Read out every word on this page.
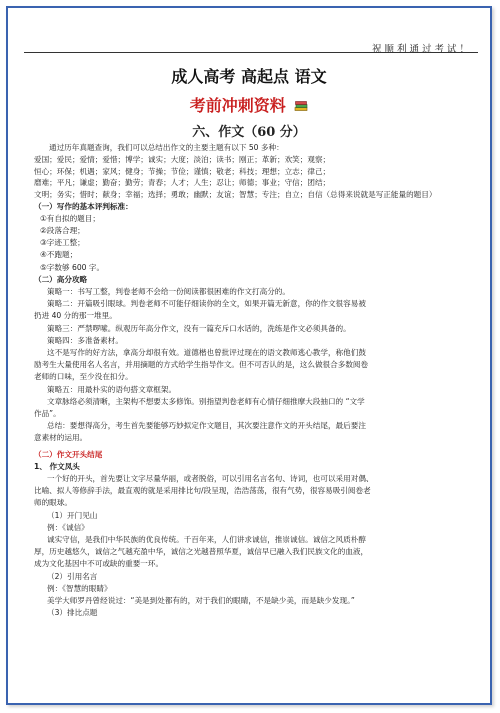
祝顺利通过考试！
成人高考 高起点 语文
考前冲刺资料
六、作文（60 分）

通过历年真题查询，我们可以总结出作文的主要主题有以下 50 多种：

爱国；爱民；爱情；爱惜；博学；诚实；大度；淡泊；读书；刚正；革新；欢笑；观察；

恒心；环保；机遇；家风；健身；节操；节俭；谨慎；敬老；科技；理想；立志；律己；

磨难；平凡；谦虚；勤奋；勤劳；青春；人才；人生；忍让；师德；事业；守信；团结；

文明；务实；惜时；献身；幸福；选择；勇敢；幽默；友谊；智慧；专注；自立；自信（总得来说就是写正能量的题目）

（一）写作的基本评判标准：

①有自拟的题目；

②段落合理；

③字迹工整；

④不跑题；

⑤字数够 600 字。

（二）高分攻略

策略一：书写工整，判卷老师不会给一份阅读都很困难的作文打高分的。

策略二：开篇吸引眼球。判卷老师不可能仔细读你的全文，如果开篇无新意，你的作文很容易被

扔进 40 分的那一堆里。

策略三：严禁啰嗦。纵观历年高分作文，没有一篇充斥口水话的，洗练是作文必须具备的。

策略四：多准备素材。

这不是写作的好方法，拿高分却很有效。道德楷也曾批评过现在的语文教师逃心教学，称他们鼓

励考生大量使用名人名言，并用摘题的方式给学生指导作文。但不可否认的是，这么做很合多数阅卷

老师的口味，至少没在扣分。

策略五：用最朴实的语句搭文章框架。

文章脉络必须清晰，主架构不想要太多修饰。别指望判卷老师有心情仔细推摩大段抽口的 “文学

作品”。

总结：要想得高分，考生首先要能够巧妙拟定作文题目，其次要注意作文的开头结尾，最后要注

意素材的运用。

（二）作文开头结尾

1、 作文凤头

一个好的开头，首先要让文字尽量华丽，或者脱俗，可以引用名言名句、诗词，也可以采用对偶、

比喻、拟人等修辞手法，最直观的就是采用排比句/段呈现，浩浩荡荡，很有气势，很容易吸引阅卷老

师的眼球。

（1）开门见山

例：《诚信》

诚实守信，是我们中华民族的优良传统。千百年来，人们讲求诚信，推崇诚信。诚信之风质朴醇

厚，历史越悠久，诚信之气越充盈中华，诚信之光越普照华夏，诚信早已融入我们民族文化的血液，

成为文化基因中不可或缺的重要一环。

（2）引用名言

例：《智慧的眼睛》

美学大师罗丹曾经说过：“美是到处都有的，对于我们的眼睛，不是缺少美，而是缺少发现。”

（3）排比点题
